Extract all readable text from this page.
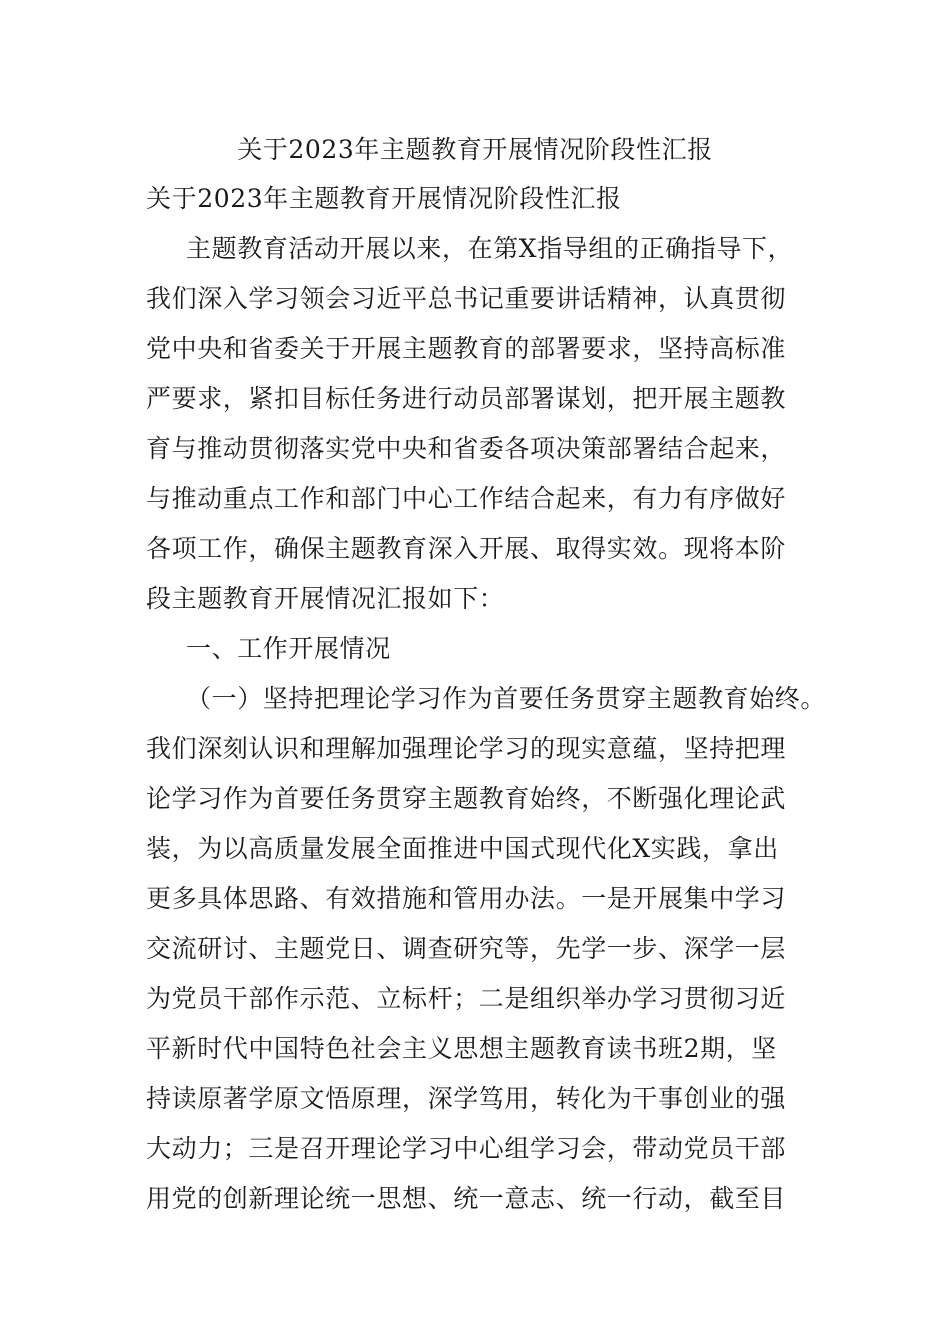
关于2023年主题教育开展情况阶段性汇报
关于2023年主题教育开展情况阶段性汇报
主题教育活动开展以来，在第X指导组的正确指导下，
我们深入学习领会习近平总书记重要讲话精神，认真贯彻
党中央和省委关于开展主题教育的部署要求，坚持高标准
严要求，紧扣目标任务进行动员部署谋划，把开展主题教
育与推动贯彻落实党中央和省委各项决策部署结合起来，
与推动重点工作和部门中心工作结合起来，有力有序做好
各项工作，确保主题教育深入开展、取得实效。现将本阶
段主题教育开展情况汇报如下：
一、工作开展情况
（一）坚持把理论学习作为首要任务贯穿主题教育始终。
我们深刻认识和理解加强理论学习的现实意蕴，坚持把理
论学习作为首要任务贯穿主题教育始终，不断强化理论武
装，为以高质量发展全面推进中国式现代化X实践，拿出
更多具体思路、有效措施和管用办法。一是开展集中学习
交流研讨、主题党日、调查研究等，先学一步、深学一层
为党员干部作示范、立标杆；二是组织举办学习贯彻习近
平新时代中国特色社会主义思想主题教育读书班2期，坚
持读原著学原文悟原理，深学笃用，转化为干事创业的强
大动力；三是召开理论学习中心组学习会，带动党员干部
用党的创新理论统一思想、统一意志、统一行动，截至目
